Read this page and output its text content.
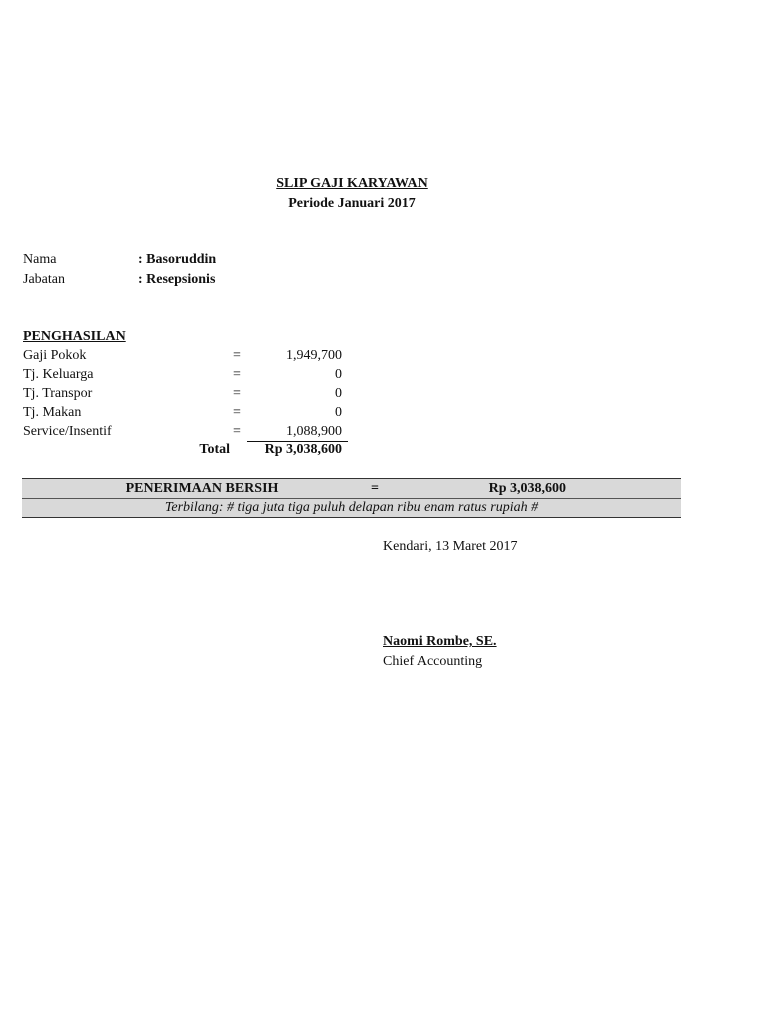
SLIP GAJI KARYAWAN
Periode Januari 2017
Nama	: Basoruddin
Jabatan	: Resepsionis
PENGHASILAN
Gaji Pokok	=	1,949,700
Tj. Keluarga	=	0
Tj. Transpor	=	0
Tj. Makan	=	0
Service/Insentif	=	1,088,900
Total	Rp 3,038,600
PENERIMAAN BERSIH	=	Rp 3,038,600
Terbilang: # tiga juta tiga puluh delapan ribu enam ratus rupiah #
Kendari, 13 Maret 2017
Naomi Rombe, SE.
Chief Accounting
